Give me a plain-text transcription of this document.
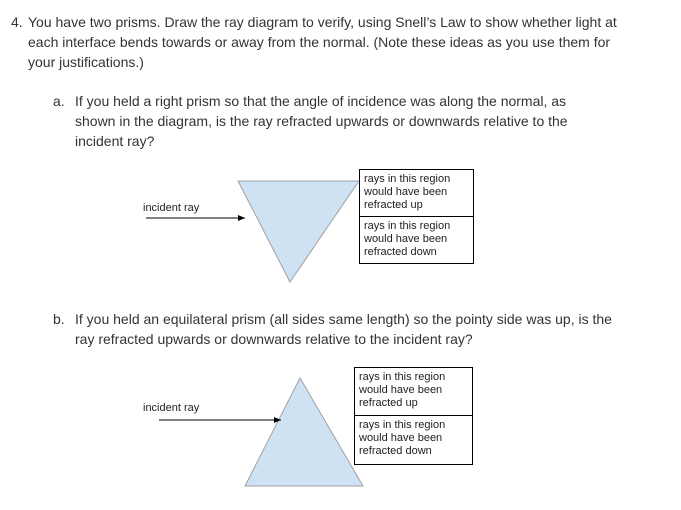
4. You have two prisms. Draw the ray diagram to verify, using Snell’s Law to show whether light at each interface bends towards or away from the normal. (Note these ideas as you use them for your justifications.)
a. If you held a right prism so that the angle of incidence was along the normal, as shown in the diagram, is the ray refracted upwards or downwards relative to the incident ray?
b. If you held an equilateral prism (all sides same length) so the pointy side was up, is the ray refracted upwards or downwards relative to the incident ray?
incident ray
rays in this region would have been refracted up
rays in this region would have been refracted down
incident ray
rays in this region would have been refracted up
rays in this region would have been refracted down
